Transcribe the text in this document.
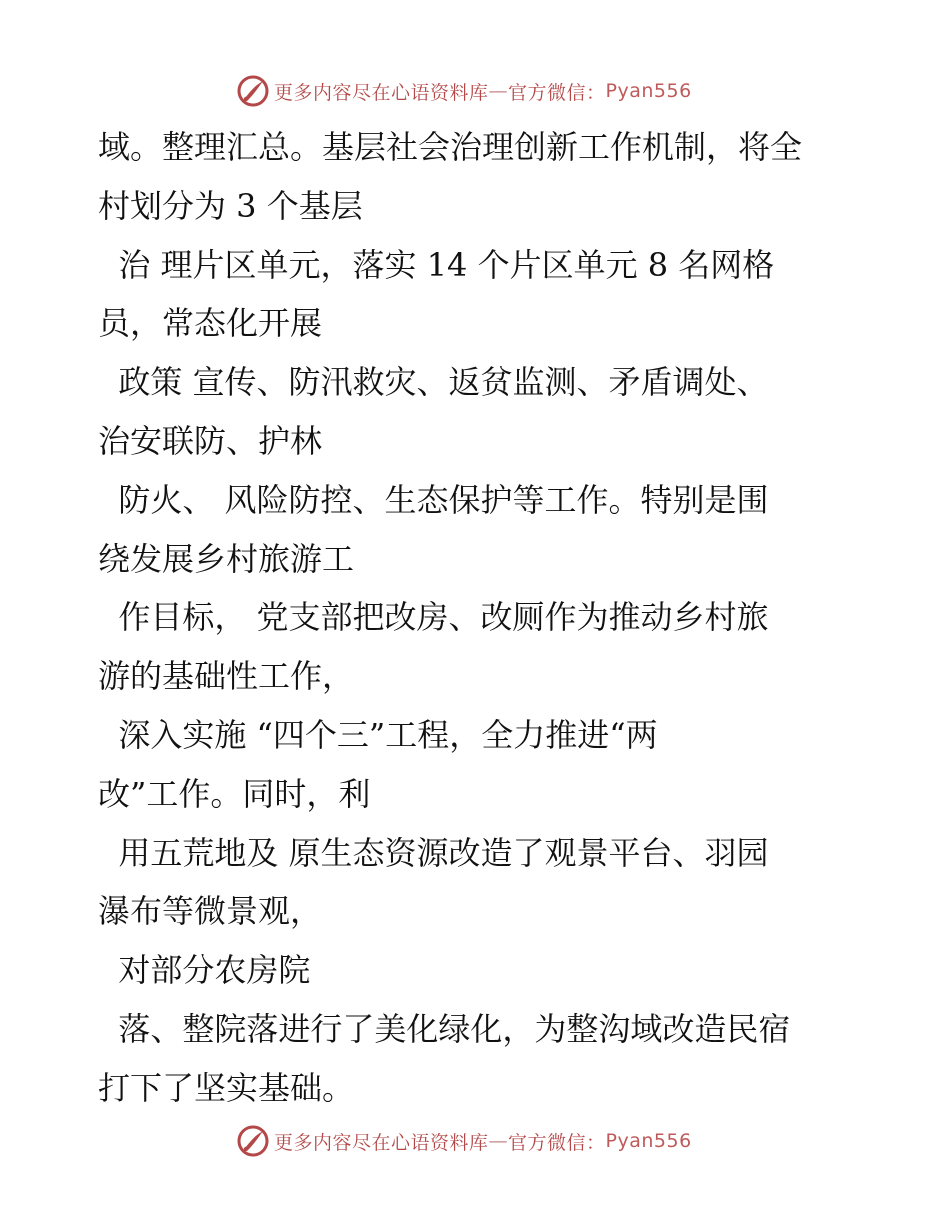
更多内容尽在心语资料库 — 官方微信： Pyan556
域。整理汇总。基层社会治理创新工作机制，将全
村划分为 3 个基层
治 理片区单元，落实 14 个片区单元 8 名网格
员，常态化开展
政策 宣传、防汛救灾、返贫监测、矛盾调处、
治安联防、护林
防火、 风险防控、生态保护等工作。特别是围
绕发展乡村旅游工
作目标， 党支部把改房、改厕作为推动乡村旅
游的基础性工作，
深入实施 “四个三”工程，全力推进“两
改”工作。同时，利
用五荒地及 原生态资源改造了观景平台、羽园
瀑布等微景观，
对部分农房院
落、整院落进行了美化绿化，为整沟域改造民宿
打下了坚实基础。
更多内容尽在心语资料库 — 官方微信： Pyan556
